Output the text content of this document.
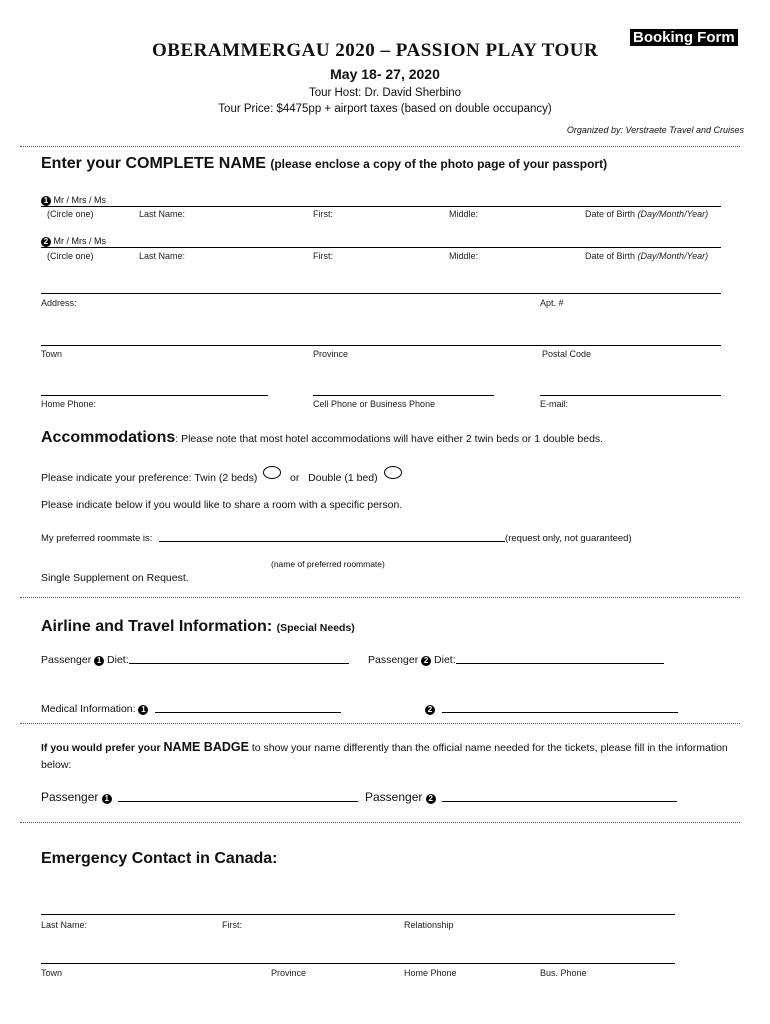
Booking Form
OBERAMMERGAU 2020 – PASSION PLAY TOUR
May 18- 27, 2020
Tour Host: Dr. David Sherbino
Tour Price: $4475pp + airport taxes (based on double occupancy)
Organized by: Verstraete Travel and Cruises
Enter your COMPLETE NAME (please enclose a copy of the photo page of your passport)
1 Mr / Mrs / Ms
(Circle one)	Last Name:	First:	Middle:	Date of Birth (Day/Month/Year)
2 Mr / Mrs / Ms
(Circle one)	Last Name:	First:	Middle:	Date of Birth (Day/Month/Year)
Address:	Apt. #
Town	Province	Postal Code
Home Phone:	Cell Phone or Business Phone	E-mail:
Accommodations: Please note that most hotel accommodations will have either 2 twin beds or 1 double beds.
Please indicate your preference: Twin (2 beds)	or Double (1 bed)
Please indicate below if you would like to share a room with a specific person.
My preferred roommate is:	(request only, not guaranteed)
(name of preferred roommate)
Single Supplement on Request.
Airline and Travel Information: (Special Needs)
Passenger 1 Diet:	Passenger 2 Diet:
Medical Information: 1	2
If you would prefer your NAME BADGE to show your name differently than the official name needed for the tickets, please fill in the information below:
Passenger 1	Passenger 2
Emergency Contact in Canada:
Last Name:	First:	Relationship
Town	Province	Home Phone	Bus. Phone
